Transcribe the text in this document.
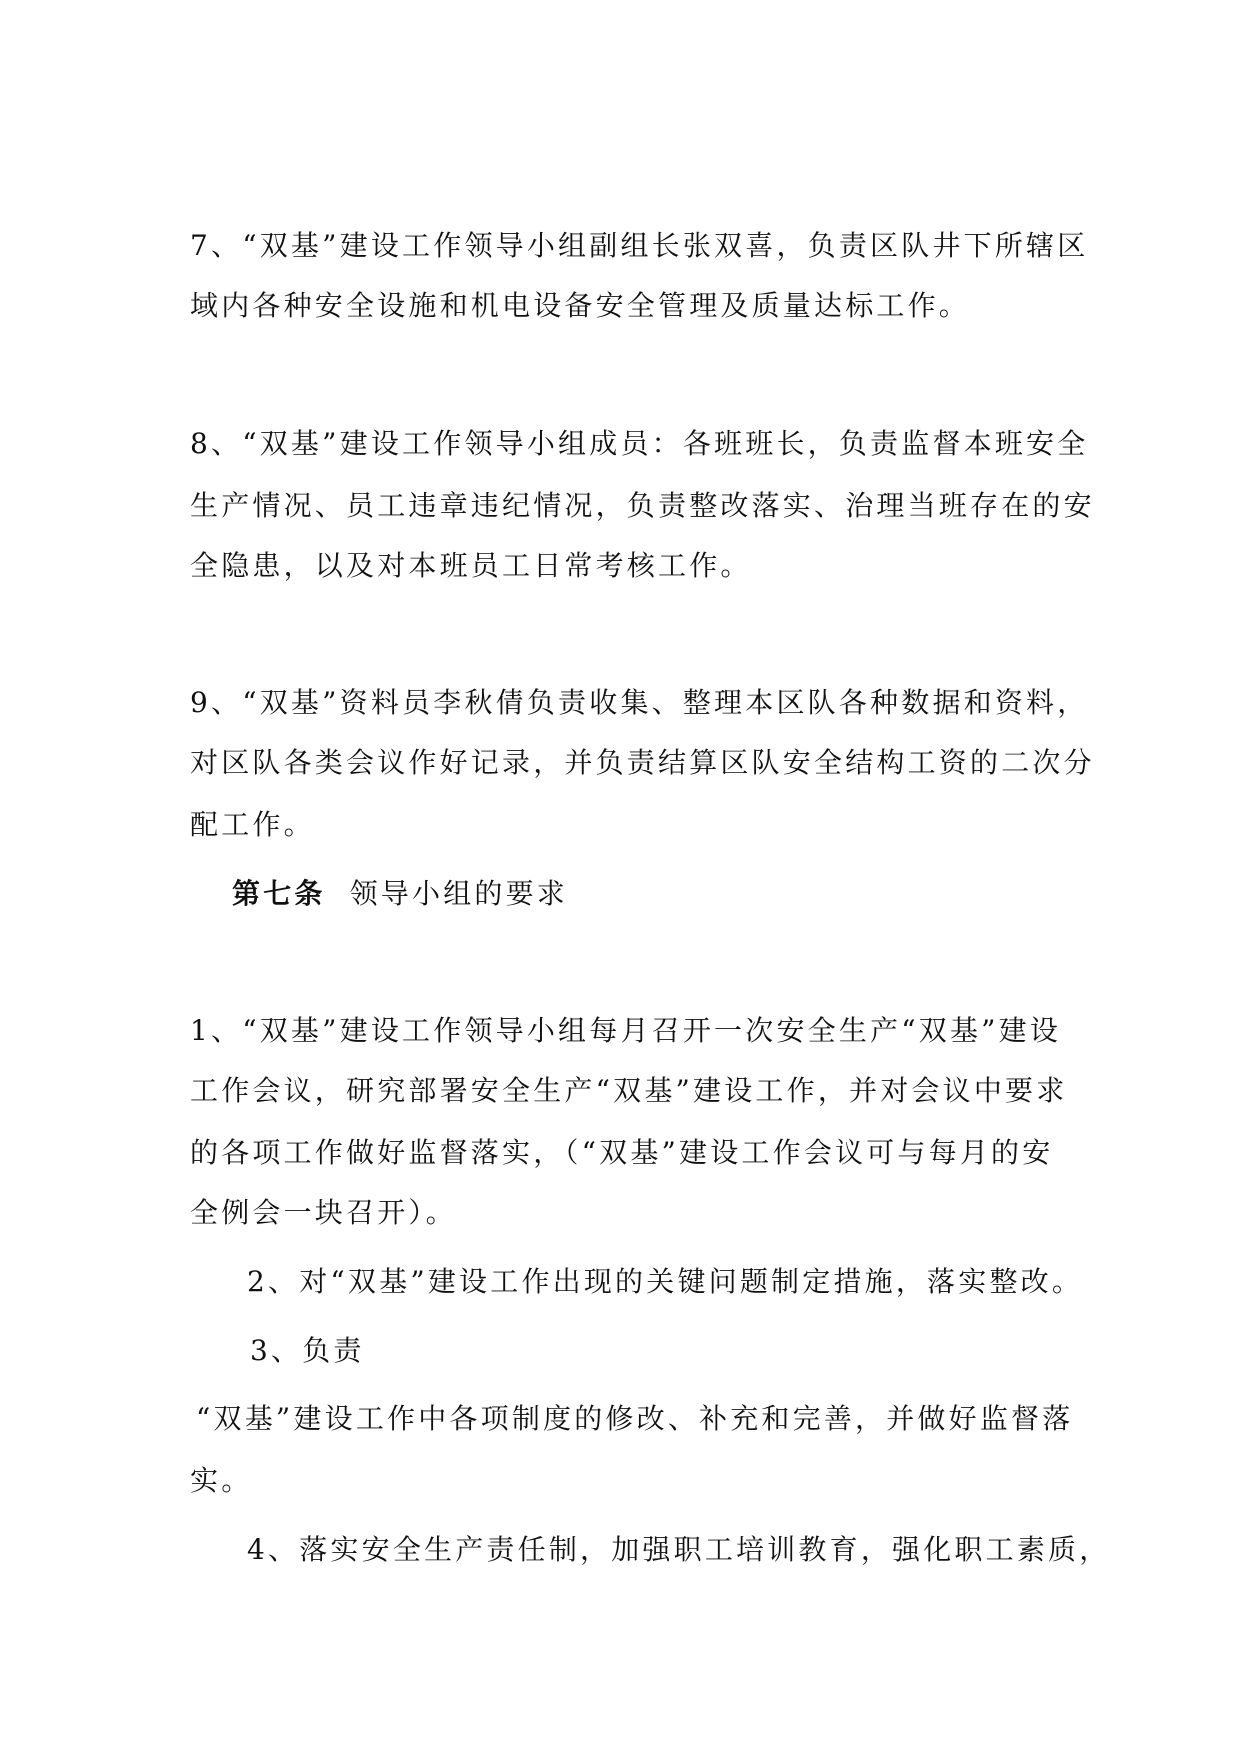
7、“双基”建设工作领导小组副组长张双喜，负责区队井下所辖区
域内各种安全设施和机电设备安全管理及质量达标工作。
8、“双基”建设工作领导小组成员：各班班长，负责监督本班安全
生产情况、员工违章违纪情况，负责整改落实、治理当班存在的安
全隐患，以及对本班员工日常考核工作。
9、“双基”资料员李秋倩负责收集、整理本区队各种数据和资料，
对区队各类会议作好记录，并负责结算区队安全结构工资的二次分
配工作。
第七条 领导小组的要求
1、“双基”建设工作领导小组每月召开一次安全生产“双基”建设
工作会议，研究部署安全生产“双基”建设工作，并对会议中要求
的各项工作做好监督落实，（“双基”建设工作会议可与每月的安
全例会一块召开）。
2、对“双基”建设工作出现的关键问题制定措施，落实整改。
3、负责
“双基”建设工作中各项制度的修改、补充和完善，并做好监督落
实。
4、落实安全生产责任制，加强职工培训教育，强化职工素质，
